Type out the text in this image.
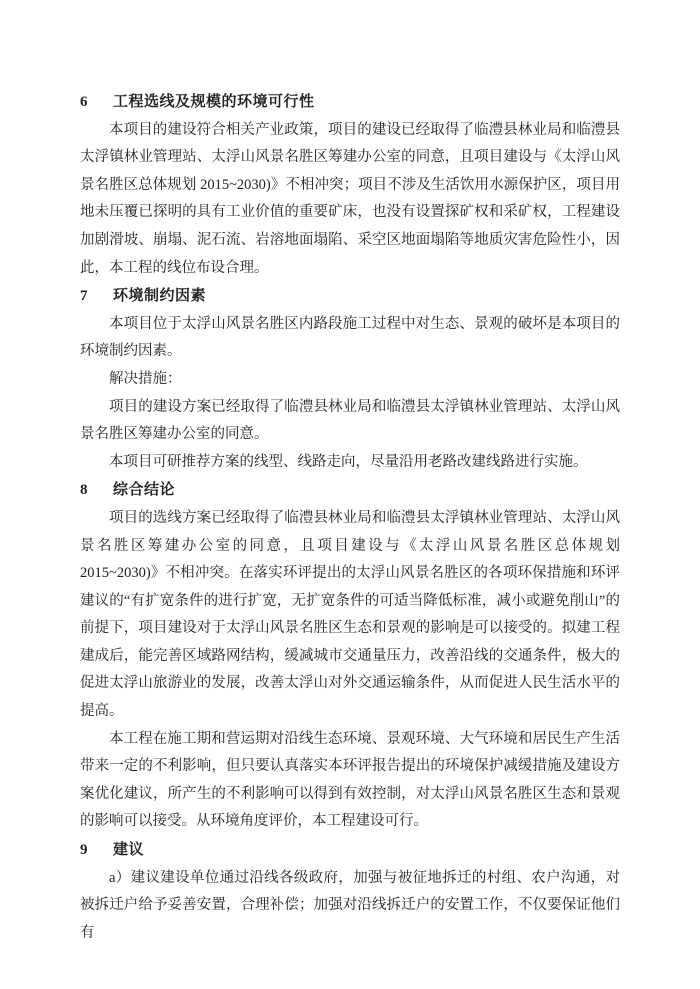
6 工程选线及规模的环境可行性

本项目的建设符合相关产业政策，项目的建设已经取得了临澧县林业局和临澧县太浮镇林业管理站、太浮山风景名胜区筹建办公室的同意，且项目建设与《太浮山风景名胜区总体规划 2015~2030)》不相冲突；项目不涉及生活饮用水源保护区，项目用地未压覆已探明的具有工业价值的重要矿床，也没有设置探矿权和采矿权，工程建设加剧滑坡、崩塌、泥石流、岩溶地面塌陷、采空区地面塌陷等地质灾害危险性小，因此，本工程的线位布设合理。

7 环境制约因素

本项目位于太浮山风景名胜区内路段施工过程中对生态、景观的破坏是本项目的环境制约因素。

解决措施：

项目的建设方案已经取得了临澧县林业局和临澧县太浮镇林业管理站、太浮山风景名胜区筹建办公室的同意。

本项目可研推荐方案的线型、线路走向，尽量沿用老路改建线路进行实施。

8 综合结论

项目的选线方案已经取得了临澧县林业局和临澧县太浮镇林业管理站、太浮山风景名胜区筹建办公室的同意，且项目建设与《太浮山风景名胜区总体规划 2015~2030)》不相冲突。在落实环评提出的太浮山风景名胜区的各项环保措施和环评建议的“有扩宽条件的进行扩宽，无扩宽条件的可适当降低标准，减小或避免削山”的前提下，项目建设对于太浮山风景名胜区生态和景观的影响是可以接受的。拟建工程建成后，能完善区域路网结构，缓减城市交通量压力，改善沿线的交通条件，极大的促进太浮山旅游业的发展，改善太浮山对外交通运输条件，从而促进人民生活水平的提高。

本工程在施工期和营运期对沿线生态环境、景观环境、大气环境和居民生产生活带来一定的不利影响，但只要认真落实本环评报告提出的环境保护减缓措施及建设方案优化建议，所产生的不利影响可以得到有效控制，对太浮山风景名胜区生态和景观的影响可以接受。从环境角度评价，本工程建设可行。

9 建议

a）建议建设单位通过沿线各级政府，加强与被征地拆迁的村组、农户沟通，对被拆迁户给予妥善安置，合理补偿；加强对沿线拆迁户的安置工作，不仅要保证他们有
